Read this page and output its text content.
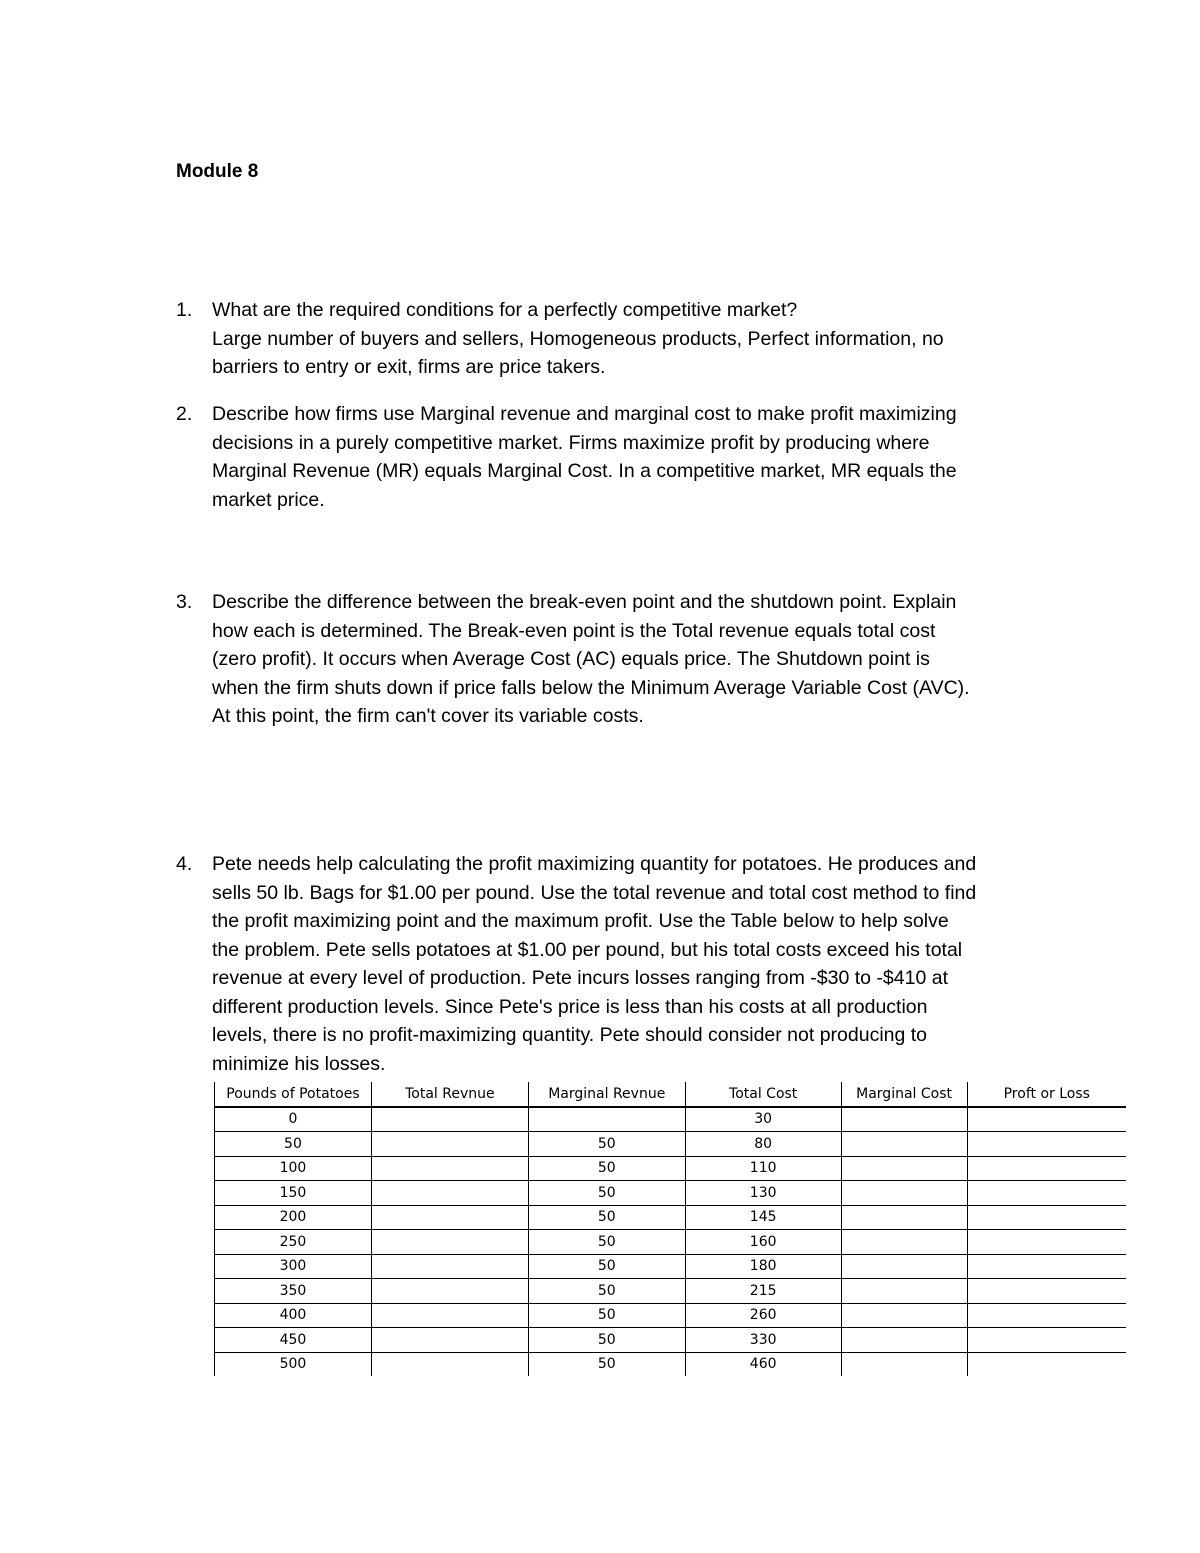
Module 8
1.	What are the required conditions for a perfectly competitive market?
Large number of buyers and sellers, Homogeneous products, Perfect information, no
barriers to entry or exit, firms are price takers.
2.	Describe how firms use Marginal revenue and marginal cost to make profit maximizing
decisions in a purely competitive market. Firms maximize profit by producing where
Marginal Revenue (MR) equals Marginal Cost. In a competitive market, MR equals the
market price.
3.	Describe the difference between the break-even point and the shutdown point. Explain
how each is determined. The Break-even point is the Total revenue equals total cost
(zero profit). It occurs when Average Cost (AC) equals price. The Shutdown point is
when the firm shuts down if price falls below the Minimum Average Variable Cost (AVC).
At this point, the firm can't cover its variable costs.
4.	Pete needs help calculating the profit maximizing quantity for potatoes. He produces and
sells 50 lb. Bags for $1.00 per pound. Use the total revenue and total cost method to find
the profit maximizing point and the maximum profit. Use the Table below to help solve
the problem. Pete sells potatoes at $1.00 per pound, but his total costs exceed his total
revenue at every level of production. Pete incurs losses ranging from -$30 to -$410 at
different production levels. Since Pete's price is less than his costs at all production
levels, there is no profit-maximizing quantity. Pete should consider not producing to
minimize his losses.
Pounds of Potatoes	Total Revnue	Marginal Revnue	Total Cost	Marginal Cost	Proft or Loss
0			30		
50		50	80		
100		50	110		
150		50	130		
200		50	145		
250		50	160		
300		50	180		
350		50	215		
400		50	260		
450		50	330		
500		50	460		
